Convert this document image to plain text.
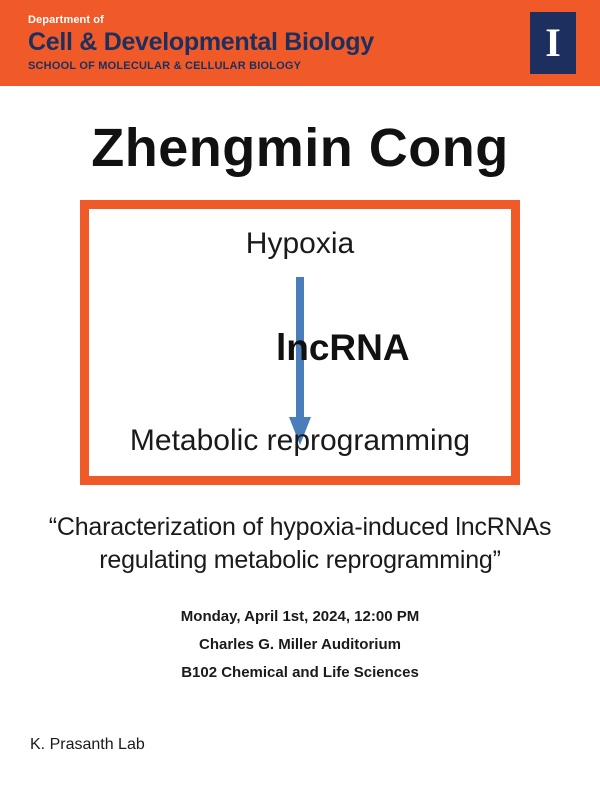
Department of
Cell & Developmental Biology
SCHOOL OF MOLECULAR & CELLULAR BIOLOGY
I
Zhengmin Cong
Hypoxia
lncRNA
Metabolic reprogramming
“Characterization of hypoxia-induced lncRNAs regulating metabolic reprogramming”
Monday, April 1st, 2024, 12:00 PM
Charles G. Miller Auditorium
B102 Chemical and Life Sciences
K. Prasanth Lab
